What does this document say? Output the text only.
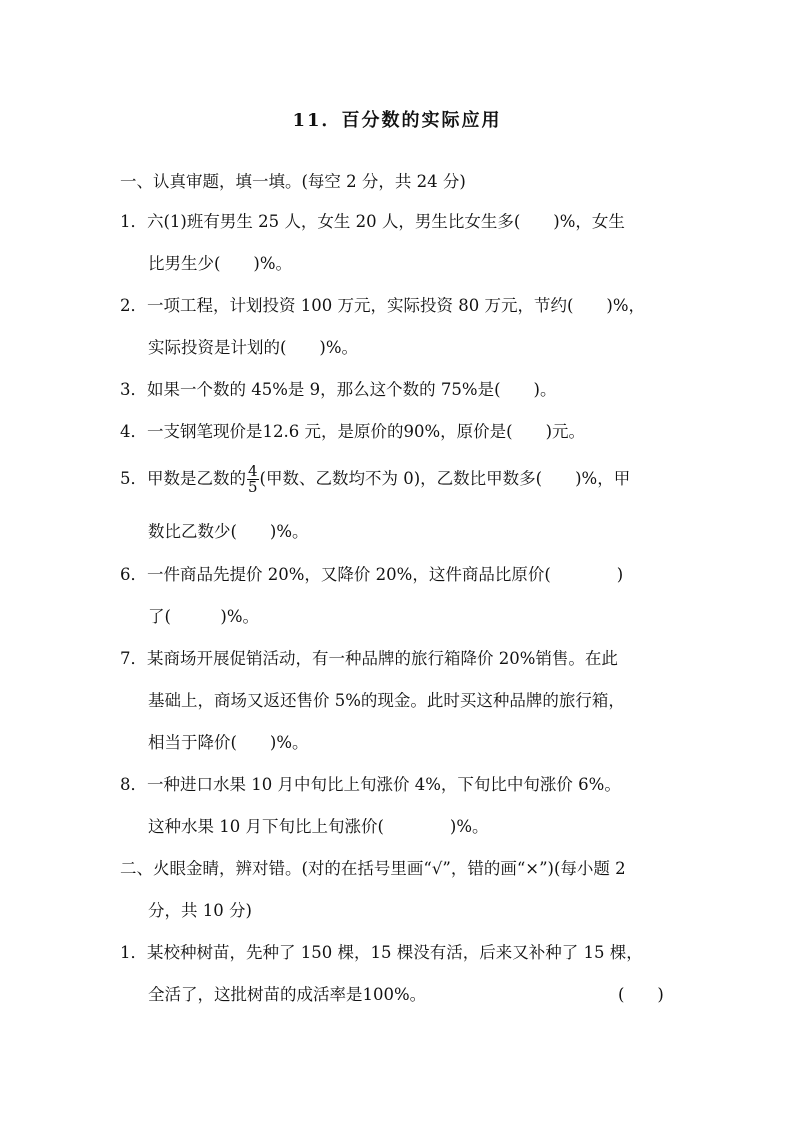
11．百分数的实际应用
一、认真审题，填一填。(每空 2 分，共 24 分)
1．六(1)班有男生 25 人，女生 20 人，男生比女生多(　　)%，女生
比男生少(　　)%。
2．一项工程，计划投资 100 万元，实际投资 80 万元，节约(　　)%，
实际投资是计划的(　　)%。
3．如果一个数的 45%是 9，那么这个数的 75%是(　　)。
4．一支钢笔现价是12.6 元，是原价的90%，原价是(　　)元。
5．甲数是乙数的 $\frac{4}{5}$ (甲数、乙数均不为 0)，乙数比甲数多(　　)%，甲
数比乙数少(　　)%。
6．一件商品先提价 20%，又降价 20%，这件商品比原价(　　　　)
了(　　　)%。
7．某商场开展促销活动，有一种品牌的旅行箱降价 20%销售。在此
基础上，商场又返还售价 5%的现金。此时买这种品牌的旅行箱，
相当于降价(　　)%。
8．一种进口水果 10 月中旬比上旬涨价 4%，下旬比中旬涨价 6%。
这种水果 10 月下旬比上旬涨价(　　　　)%。
二、火眼金睛，辨对错。(对的在括号里画“√”，错的画“×”)(每小题 2
分，共 10 分)
1．某校种树苗，先种了 150 棵，15 棵没有活，后来又补种了 15 棵，
全活了，这批树苗的成活率是100%。	(　　)
